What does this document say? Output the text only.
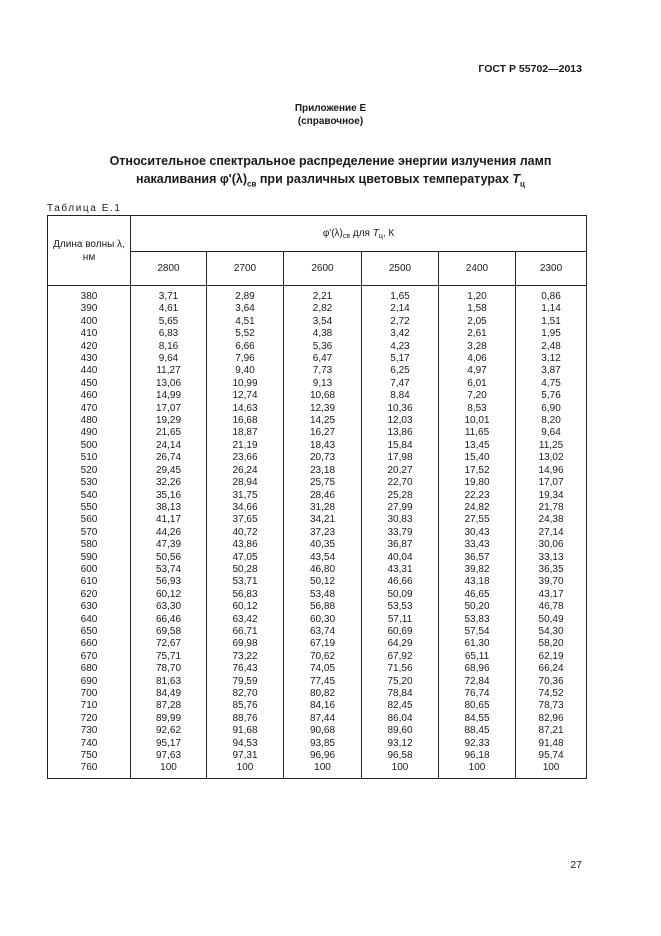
ГОСТ Р 55702—2013
Приложение Е
(справочное)
Относительное спектральное распределение энергии излучения ламп
накаливания $\varphi'(\lambda)_{св}$ при различных цветовых температурах $T_ц$
Таблица Е.1
Длина волны λ, нм	$\varphi'(\lambda)_{св}$ для $T_ц$, К					
	2800	2700	2600	2500	2400	2300
380	3,71	2,89	2,21	1,65	1,20	0,86
390	4,61	3,64	2,82	2,14	1,58	1,14
400	5,65	4,51	3,54	2,72	2,05	1,51
410	6,83	5,52	4,38	3,42	2,61	1,95
420	8,16	6,66	5,36	4,23	3,28	2,48
430	9,64	7,96	6,47	5,17	4,06	3,12
440	11,27	9,40	7,73	6,25	4,97	3,87
450	13,06	10,99	9,13	7,47	6,01	4,75
460	14,99	12,74	10,68	8,84	7,20	5,76
470	17,07	14,63	12,39	10,36	8,53	6,90
480	19,29	16,68	14,25	12,03	10,01	8,20
490	21,65	18,87	16,27	13,86	11,65	9,64
500	24,14	21,19	18,43	15,84	13,45	11,25
510	26,74	23,66	20,73	17,98	15,40	13,02
520	29,45	26,24	23,18	20,27	17,52	14,96
530	32,26	28,94	25,75	22,70	19,80	17,07
540	35,16	31,75	28,46	25,28	22,23	19,34
550	38,13	34,66	31,28	27,99	24,82	21,78
560	41,17	37,65	34,21	30,83	27,55	24,38
570	44,26	40,72	37,23	33,79	30,43	27,14
580	47,39	43,86	40,35	36,87	33,43	30,06
590	50,56	47,05	43,54	40,04	36,57	33,13
600	53,74	50,28	46,80	43,31	39,82	36,35
610	56,93	53,71	50,12	46,66	43,18	39,70
620	60,12	56,83	53,48	50,09	46,65	43,17
630	63,30	60,12	56,88	53,53	50,20	46,78
640	66,46	63,42	60,30	57,11	53,83	50,49
650	69,58	66,71	63,74	60,69	57,54	54,30
660	72,67	69,98	67,19	64,29	61,30	58,20
670	75,71	73,22	70,62	67,92	65,11	62,19
680	78,70	76,43	74,05	71,56	68,96	66,24
690	81,63	79,59	77,45	75,20	72,84	70,36
700	84,49	82,70	80,82	78,84	76,74	74,52
710	87,28	85,76	84,16	82,45	80,65	78,73
720	89,99	88,76	87,44	86,04	84,55	82,96
730	92,62	91,68	90,68	89,60	88,45	87,21
740	95,17	94,53	93,85	93,12	92,33	91,48
750	97,63	97,31	96,96	96,58	96,18	95,74
760	100	100	100	100	100	100
27
